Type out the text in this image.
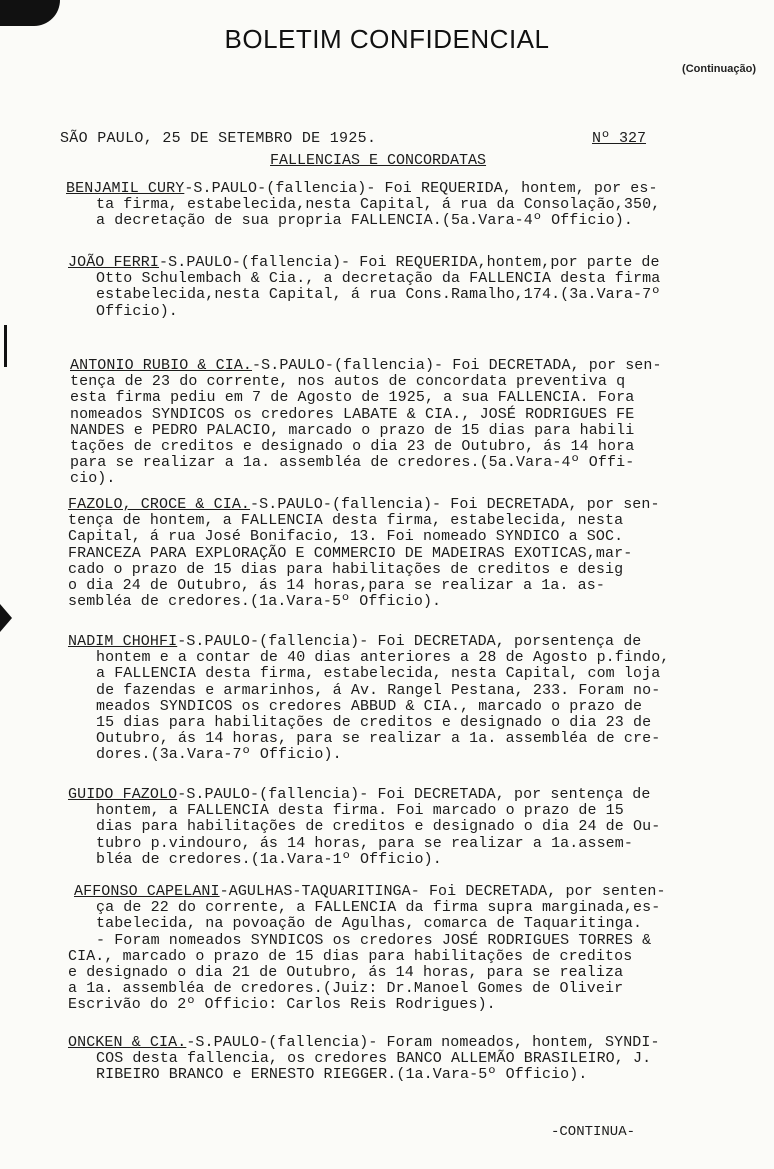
BOLETIM CONFIDENCIAL
(Continuação)
SÃO PAULO, 25 DE SETEMBRO DE 1925.	Nº 327
FALLENCIAS E CONCORDATAS
BENJAMIL CURY-S.PAULO-(fallencia)- Foi REQUERIDA, hontem, por es-
ta firma, estabelecida,nesta Capital, á rua da Consolação,350,
a decretação de sua propria FALLENCIA.(5a.Vara-4º Officio).
JOÃO FERRI-S.PAULO-(fallencia)- Foi REQUERIDA,hontem,por parte de
Otto Schulembach & Cia., a decretação da FALLENCIA desta firma
estabelecida,nesta Capital, á rua Cons.Ramalho,174.(3a.Vara-7º
Officio).
ANTONIO RUBIO & CIA.-S.PAULO-(fallencia)- Foi DECRETADA, por sen-
tença de 23 do corrente, nos autos de concordata preventiva q
esta firma pediu em 7 de Agosto de 1925, a sua FALLENCIA. Fora
nomeados SYNDICOS os credores LABATE & CIA., JOSÉ RODRIGUES FE
NANDES e PEDRO PALACIO, marcado o prazo de 15 dias para habili
tações de creditos e designado o dia 23 de Outubro, ás 14 hora
para se realizar a 1a. assembléa de credores.(5a.Vara-4º Offi-
cio).
FAZOLO, CROCE & CIA.-S.PAULO-(fallencia)- Foi DECRETADA, por sen-
tença de hontem, a FALLENCIA desta firma, estabelecida, nesta
Capital, á rua José Bonifacio, 13. Foi nomeado SYNDICO a SOC.
FRANCEZA PARA EXPLORAÇÃO E COMMERCIO DE MADEIRAS EXOTICAS,mar-
cado o prazo de 15 dias para habilitações de creditos e desig
o dia 24 de Outubro, ás 14 horas,para se realizar a 1a. as-
sembléa de credores.(1a.Vara-5º Officio).
NADIM CHOHFI-S.PAULO-(fallencia)- Foi DECRETADA, porsentença de
hontem e a contar de 40 dias anteriores a 28 de Agosto p.findo,
a FALLENCIA desta firma, estabelecida, nesta Capital, com loja
de fazendas e armarinhos, á Av. Rangel Pestana, 233. Foram no-
meados SYNDICOS os credores ABBUD & CIA., marcado o prazo de
15 dias para habilitações de creditos e designado o dia 23 de
Outubro, ás 14 horas, para se realizar a 1a. assembléa de cre-
dores.(3a.Vara-7º Officio).
GUIDO FAZOLO-S.PAULO-(fallencia)- Foi DECRETADA, por sentença de
hontem, a FALLENCIA desta firma. Foi marcado o prazo de 15
dias para habilitações de creditos e designado o dia 24 de Ou-
tubro p.vindouro, ás 14 horas, para se realizar a 1a.assem-
bléa de credores.(1a.Vara-1º Officio).
AFFONSO CAPELANI-AGULHAS-TAQUARITINGA- Foi DECRETADA, por senten-
ça de 22 do corrente, a FALLENCIA da firma supra marginada,es-
tabelecida, na povoação de Agulhas, comarca de Taquaritinga.
- Foram nomeados SYNDICOS os credores JOSÉ RODRIGUES TORRES &
CIA., marcado o prazo de 15 dias para habilitações de creditos
e designado o dia 21 de Outubro, ás 14 horas, para se realiza
a 1a. assembléa de credores.(Juiz: Dr.Manoel Gomes de Oliveir
Escrivão do 2º Officio: Carlos Reis Rodrigues).
ONCKEN & CIA.-S.PAULO-(fallencia)- Foram nomeados, hontem, SYNDI-
COS desta fallencia, os credores BANCO ALLEMÃO BRASILEIRO, J.
RIBEIRO BRANCO e ERNESTO RIEGGER.(1a.Vara-5º Officio).
-CONTINUA-
